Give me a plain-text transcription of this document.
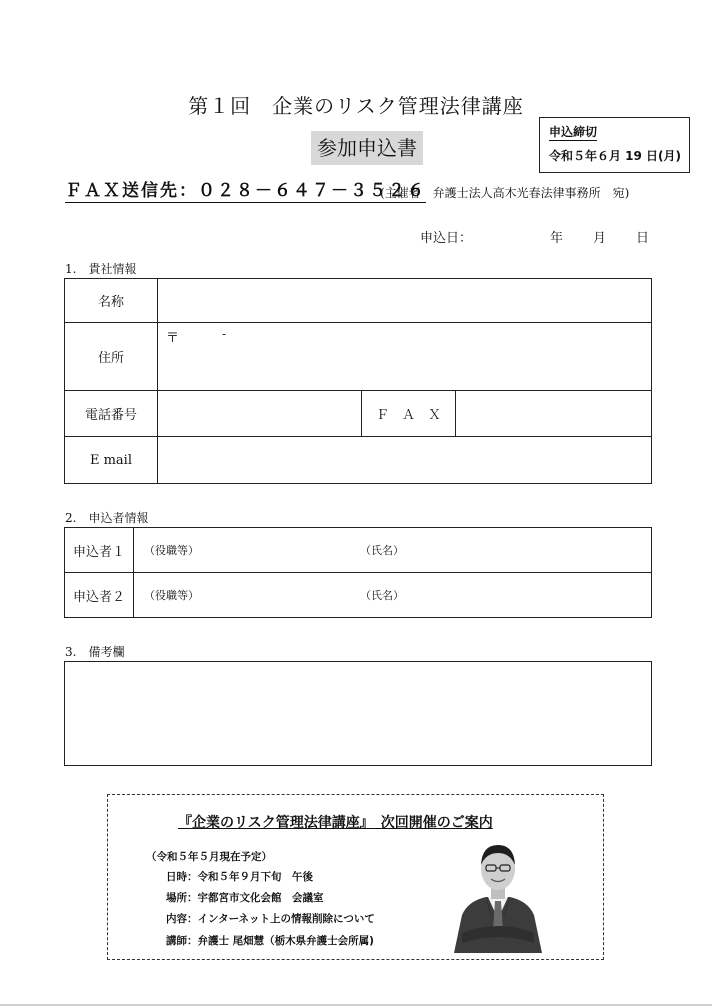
第１回　企業のリスク管理法律講座
参加申込書
申込締切
令和５年６月 19 日(月)
ＦＡＸ送信先：０２８－６４７－３５２６
(主催者　弁護士法人高木光春法律事務所　宛)
申込日：	年 月 日
1.　貴社情報
名称			
住所	〒 -		

電話番号		Ｆ　Ａ　Ｘ	
E mail			
2.　申込者情報
申込者１	（役職等） （氏名）

申込者２	（役職等） （氏名）
3.　備考欄
『企業のリスク管理法律講座』　次回開催のご案内
（令和５年５月現在予定）
日時：令和５年９月下旬　午後
場所：宇都宮市文化会館　会議室
内容：インターネット上の情報削除について
講師：弁護士 尾畑慧（栃木県弁護士会所属)
